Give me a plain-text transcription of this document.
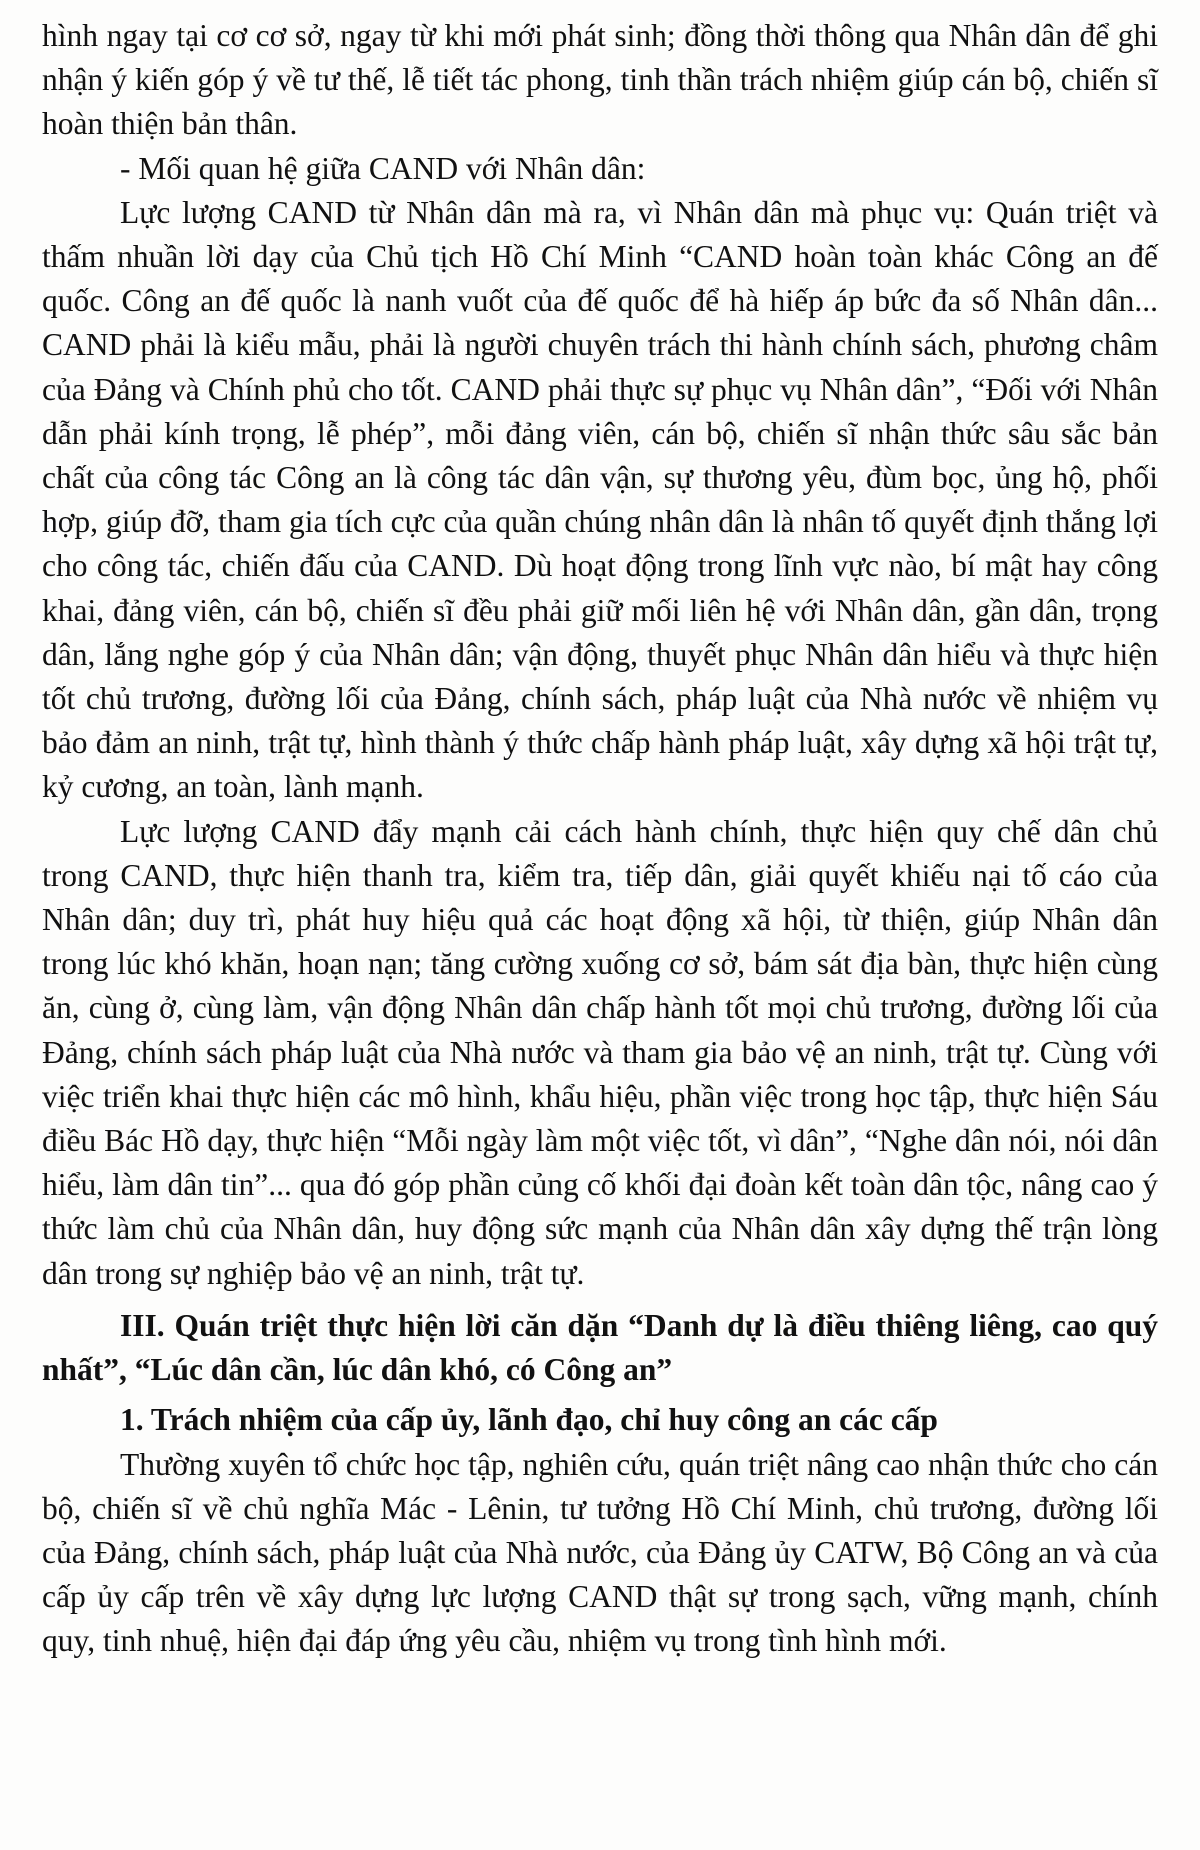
hình ngay tại cơ cơ sở, ngay từ khi mới phát sinh; đồng thời thông qua Nhân dân để ghi nhận ý kiến góp ý về tư thế, lễ tiết tác phong, tinh thần trách nhiệm giúp cán bộ, chiến sĩ hoàn thiện bản thân.

- Mối quan hệ giữa CAND với Nhân dân:

Lực lượng CAND từ Nhân dân mà ra, vì Nhân dân mà phục vụ: Quán triệt và thấm nhuần lời dạy của Chủ tịch Hồ Chí Minh “CAND hoàn toàn khác Công an đế quốc. Công an đế quốc là nanh vuốt của đế quốc để hà hiếp áp bức đa số Nhân dân... CAND phải là kiểu mẫu, phải là người chuyên trách thi hành chính sách, phương châm của Đảng và Chính phủ cho tốt. CAND phải thực sự phục vụ Nhân dân”, “Đối với Nhân dẫn phải kính trọng, lễ phép”, mỗi đảng viên, cán bộ, chiến sĩ nhận thức sâu sắc bản chất của công tác Công an là công tác dân vận, sự thương yêu, đùm bọc, ủng hộ, phối hợp, giúp đỡ, tham gia tích cực của quần chúng nhân dân là nhân tố quyết định thắng lợi cho công tác, chiến đấu của CAND. Dù hoạt động trong lĩnh vực nào, bí mật hay công khai, đảng viên, cán bộ, chiến sĩ đều phải giữ mối liên hệ với Nhân dân, gần dân, trọng dân, lắng nghe góp ý của Nhân dân; vận động, thuyết phục Nhân dân hiểu và thực hiện tốt chủ trương, đường lối của Đảng, chính sách, pháp luật của Nhà nước về nhiệm vụ bảo đảm an ninh, trật tự, hình thành ý thức chấp hành pháp luật, xây dựng xã hội trật tự, kỷ cương, an toàn, lành mạnh.

Lực lượng CAND đẩy mạnh cải cách hành chính, thực hiện quy chế dân chủ trong CAND, thực hiện thanh tra, kiểm tra, tiếp dân, giải quyết khiếu nại tố cáo của Nhân dân; duy trì, phát huy hiệu quả các hoạt động xã hội, từ thiện, giúp Nhân dân trong lúc khó khăn, hoạn nạn; tăng cường xuống cơ sở, bám sát địa bàn, thực hiện cùng ăn, cùng ở, cùng làm, vận động Nhân dân chấp hành tốt mọi chủ trương, đường lối của Đảng, chính sách pháp luật của Nhà nước và tham gia bảo vệ an ninh, trật tự. Cùng với việc triển khai thực hiện các mô hình, khẩu hiệu, phần việc trong học tập, thực hiện Sáu điều Bác Hồ dạy, thực hiện “Mỗi ngày làm một việc tốt, vì dân”, “Nghe dân nói, nói dân hiểu, làm dân tin”... qua đó góp phần củng cố khối đại đoàn kết toàn dân tộc, nâng cao ý thức làm chủ của Nhân dân, huy động sức mạnh của Nhân dân xây dựng thế trận lòng dân trong sự nghiệp bảo vệ an ninh, trật tự.

III. Quán triệt thực hiện lời căn dặn “Danh dự là điều thiêng liêng, cao quý nhất”, “Lúc dân cần, lúc dân khó, có Công an”

1. Trách nhiệm của cấp ủy, lãnh đạo, chỉ huy công an các cấp

Thường xuyên tổ chức học tập, nghiên cứu, quán triệt nâng cao nhận thức cho cán bộ, chiến sĩ về chủ nghĩa Mác - Lênin, tư tưởng Hồ Chí Minh, chủ trương, đường lối của Đảng, chính sách, pháp luật của Nhà nước, của Đảng ủy CATW, Bộ Công an và của cấp ủy cấp trên về xây dựng lực lượng CAND thật sự trong sạch, vững mạnh, chính quy, tinh nhuệ, hiện đại đáp ứng yêu cầu, nhiệm vụ trong tình hình mới.
